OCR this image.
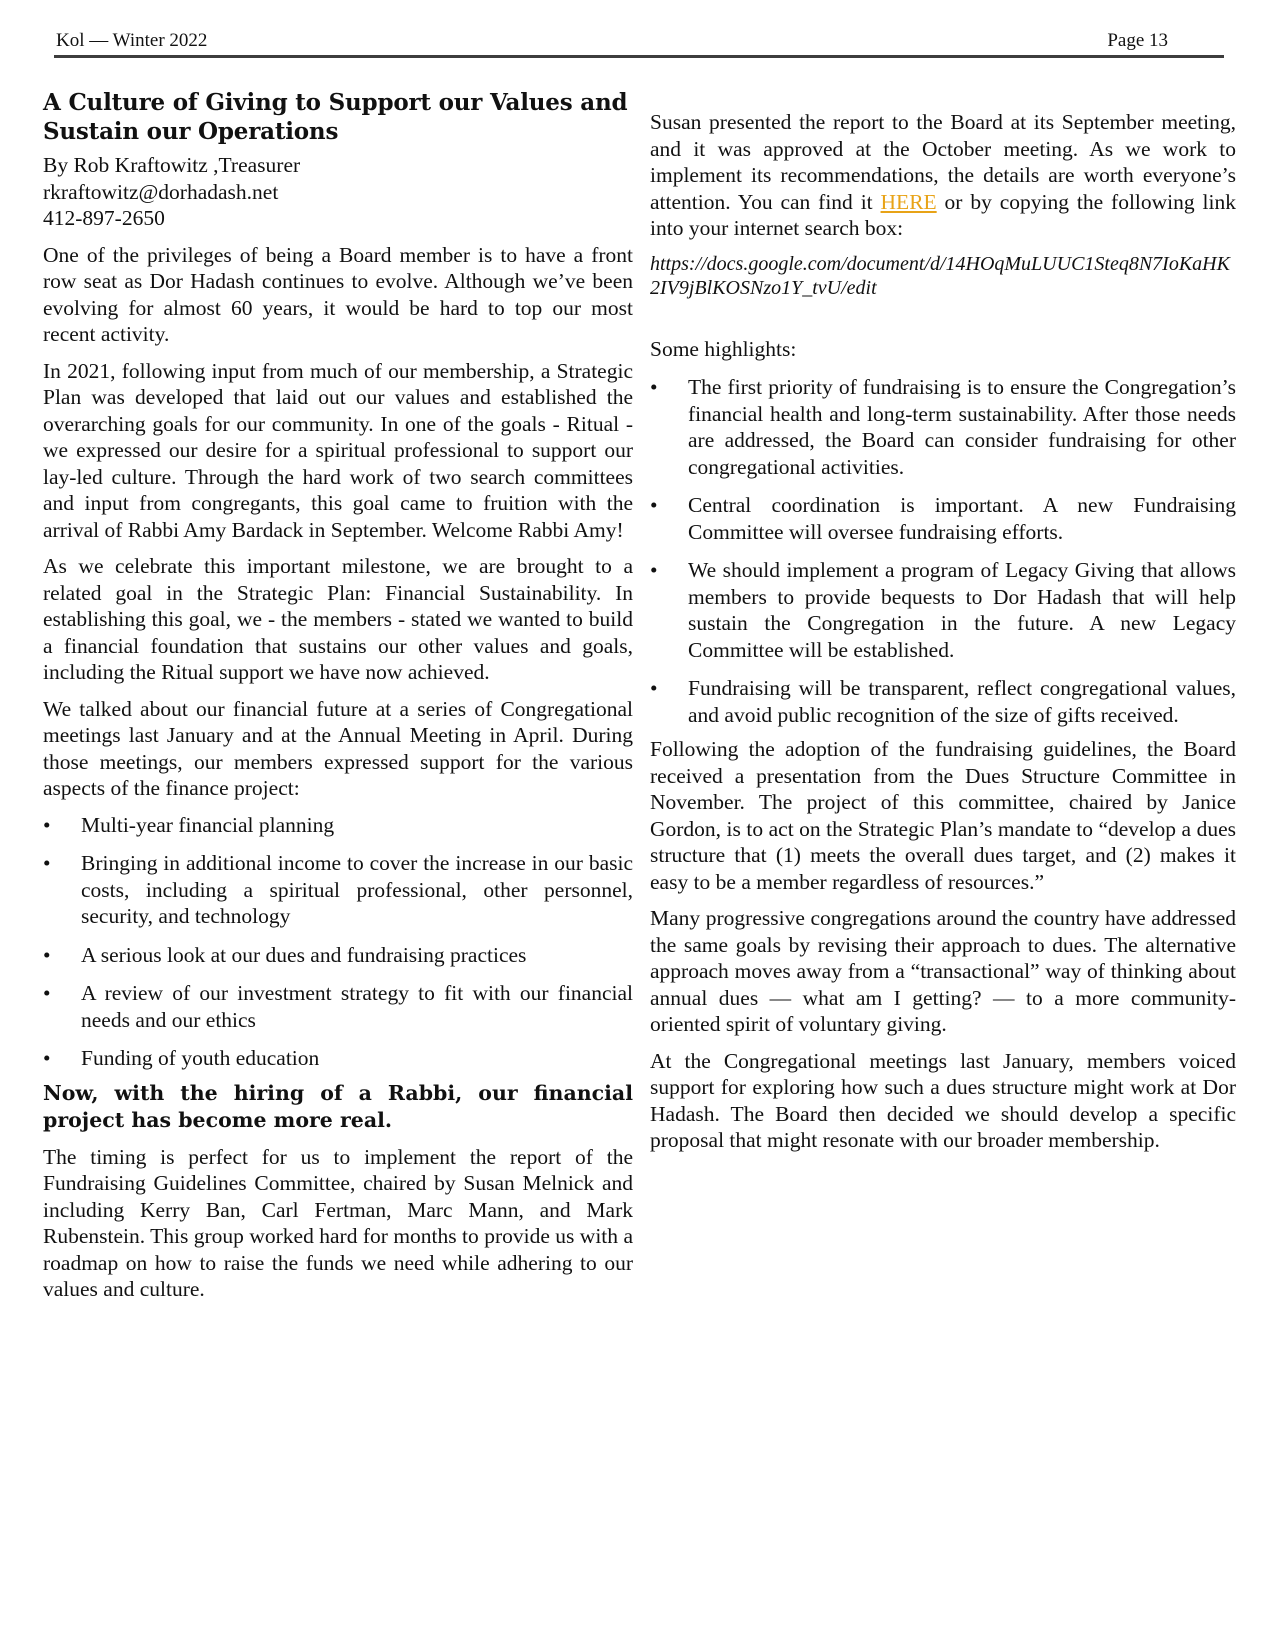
Kol — Winter 2022	Page 13
A Culture of Giving to Support our Values and Sustain our Operations
By Rob Kraftowitz ,Treasurer
rkraftowitz@dorhadash.net
412-897-2650

One of the privileges of being a Board member is to have a front row seat as Dor Hadash continues to evolve. Although we’ve been evolving for almost 60 years, it would be hard to top our most recent activity.

In 2021, following input from much of our membership, a Strategic Plan was developed that laid out our values and established the overarching goals for our community. In one of the goals - Ritual - we expressed our desire for a spiritual professional to support our lay-led culture. Through the hard work of two search committees and input from congregants, this goal came to fruition with the arrival of Rabbi Amy Bardack in September. Welcome Rabbi Amy!

As we celebrate this important milestone, we are brought to a related goal in the Strategic Plan: Financial Sustainability. In establishing this goal, we - the members - stated we wanted to build a financial foundation that sustains our other values and goals, including the Ritual support we have now achieved.

We talked about our financial future at a series of Congregational meetings last January and at the Annual Meeting in April. During those meetings, our members expressed support for the various aspects of the finance project:

• Multi-year financial planning
• Bringing in additional income to cover the increase in our basic costs, including a spiritual professional, other personnel, security, and technology
• A serious look at our dues and fundraising practices
• A review of our investment strategy to fit with our financial needs and our ethics
• Funding of youth education
Now, with the hiring of a Rabbi, our financial project has become more real.

The timing is perfect for us to implement the report of the Fundraising Guidelines Committee, chaired by Susan Melnick and including Kerry Ban, Carl Fertman, Marc Mann, and Mark Rubenstein. This group worked hard for months to provide us with a roadmap on how to raise the funds we need while adhering to our values and culture.

Susan presented the report to the Board at its September meeting, and it was approved at the October meeting. As we work to implement its recommendations, the details are worth everyone’s attention. You can find it HERE or by copying the following link into your internet search box:

https://docs.google.com/document/d/14HOqMuLUUC1Steq8N7IoKaHK2IV9jBlKOSNzo1Y_tvU/edit

Some highlights:

• The first priority of fundraising is to ensure the Congregation’s financial health and long-term sustainability. After those needs are addressed, the Board can consider fundraising for other congregational activities.
• Central coordination is important. A new Fundraising Committee will oversee fundraising efforts.
• We should implement a program of Legacy Giving that allows members to provide bequests to Dor Hadash that will help sustain the Congregation in the future. A new Legacy Committee will be established.
• Fundraising will be transparent, reflect congregational values, and avoid public recognition of the size of gifts received.

Following the adoption of the fundraising guidelines, the Board received a presentation from the Dues Structure Committee in November. The project of this committee, chaired by Janice Gordon, is to act on the Strategic Plan’s mandate to “develop a dues structure that (1) meets the overall dues target, and (2) makes it easy to be a member regardless of resources.”

Many progressive congregations around the country have addressed the same goals by revising their approach to dues. The alternative approach moves away from a “transactional” way of thinking about annual dues — what am I getting? — to a more community-oriented spirit of voluntary giving.

At the Congregational meetings last January, members voiced support for exploring how such a dues structure might work at Dor Hadash. The Board then decided we should develop a specific proposal that might resonate with our broader membership.
